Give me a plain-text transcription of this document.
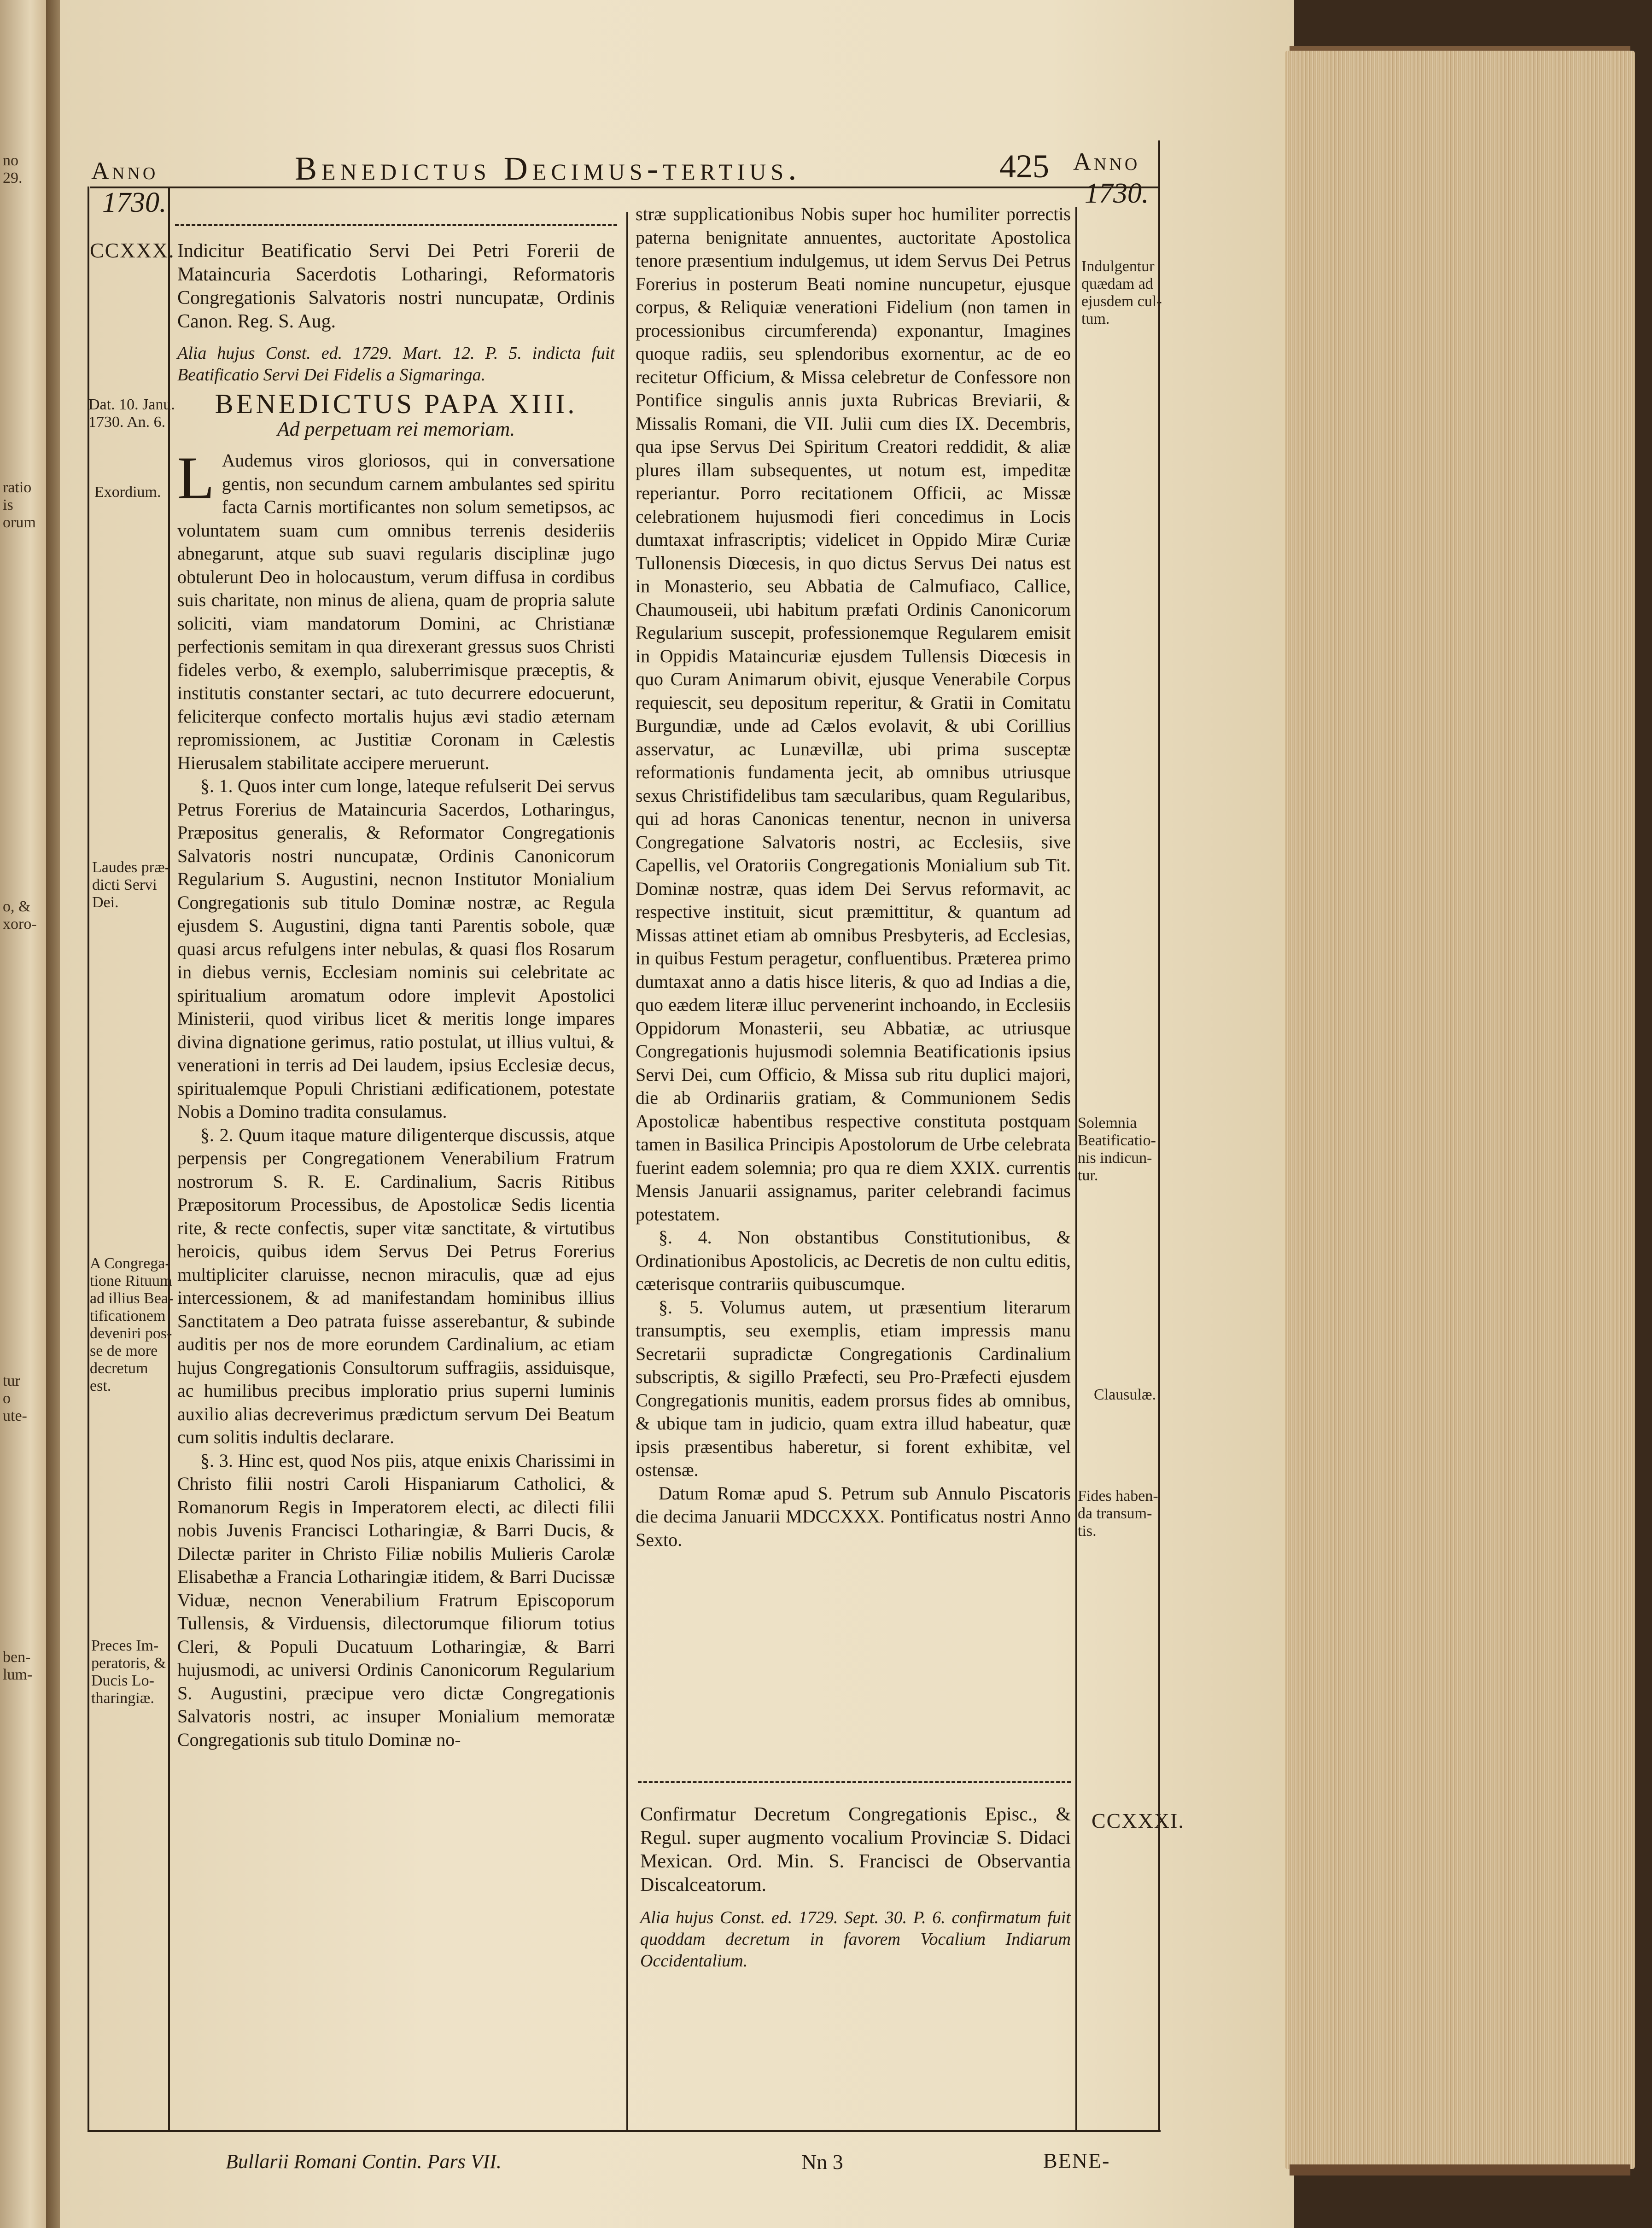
no
29.
ratio
is
orum
o, &
xoro-
tur
o
ute-
ben-
lum-
Anno
1730.
Benedictus Decimus-tertius.	425 Anno
1730.
CCXXX.
Dat. 10. Janu.
1730. An. 6.
Exordium.
Laudes præ-
dicti Servi
Dei.
A Congrega-
tione Rituum
ad illius Bea-
tificationem
deveniri pos-
se de more
decretum
est.
Preces Im-
peratoris, &
Ducis Lo-
tharingiæ.
Indulgentur
quædam ad
ejusdem cul-
tum.
Solemnia
Beatificatio-
nis indicun-
tur.
Clausulæ.
Fides haben-
da transum-
tis.
CCXXXI.

Indicitur Beatificatio Servi Dei Petri Forerii de Mataincuria Sacerdotis Lotharingi, Reformatoris Congregationis Salvatoris nostri nuncupatæ, Ordinis Canon. Reg. S. Aug.

Alia hujus Const. ed. 1729. Mart. 12. P. 5. indicta fuit Beatificatio Servi Dei Fidelis a Sigmaringa.

BENEDICTUS PAPA XIII.

Ad perpetuam rei memoriam.

L Audemus viros gloriosos, qui in conversatione gentis, non secundum carnem ambulantes sed spiritu facta Carnis mortificantes non solum semetipsos, ac voluntatem suam cum omnibus terrenis desideriis abnegarunt, atque sub suavi regularis disciplinæ jugo obtulerunt Deo in holocaustum, verum diffusa in cordibus suis charitate, non minus de aliena, quam de propria salute soliciti, viam mandatorum Domini, ac Christianæ perfectionis semitam in qua direxerant gressus suos Christi fideles verbo, & exemplo, saluberrimisque præceptis, & institutis constanter sectari, ac tuto decurrere edocuerunt, feliciterque confecto mortalis hujus ævi stadio æternam repromissionem, ac Justitiæ Coronam in Cælestis Hierusalem stabilitate accipere meruerunt.

§. 1. Quos inter cum longe, lateque refulserit Dei servus Petrus Forerius de Mataincuria Sacerdos, Lotharingus, Præpositus generalis, & Reformator Congregationis Salvatoris nostri nuncupatæ, Ordinis Canonicorum Regularium S. Augustini, necnon Institutor Monialium Congregationis sub titulo Dominæ nostræ, ac Regula ejusdem S. Augustini, digna tanti Parentis sobole, quæ quasi arcus refulgens inter nebulas, & quasi flos Rosarum in diebus vernis, Ecclesiam nominis sui celebritate ac spiritualium aromatum odore implevit Apostolici Ministerii, quod viribus licet & meritis longe impares divina dignatione gerimus, ratio postulat, ut illius vultui, & venerationi in terris ad Dei laudem, ipsius Ecclesiæ decus, spiritualemque Populi Christiani ædificationem, potestate Nobis a Domino tradita consulamus.

§. 2. Quum itaque mature diligenterque discussis, atque perpensis per Congregationem Venerabilium Fratrum nostrorum S. R. E. Cardinalium, Sacris Ritibus Præpositorum Processibus, de Apostolicæ Sedis licentia rite, & recte confectis, super vitæ sanctitate, & virtutibus heroicis, quibus idem Servus Dei Petrus Forerius multipliciter claruisse, necnon miraculis, quæ ad ejus intercessionem, & ad manifestandam hominibus illius Sanctitatem a Deo patrata fuisse asserebantur, & subinde auditis per nos de more eorundem Cardinalium, ac etiam hujus Congregationis Consultorum suffragiis, assiduisque, ac humilibus precibus imploratio prius superni luminis auxilio alias decreverimus prædictum servum Dei Beatum cum solitis indultis declarare.

§. 3. Hinc est, quod Nos piis, atque enixis Charissimi in Christo filii nostri Caroli Hispaniarum Catholici, & Romanorum Regis in Imperatorem electi, ac dilecti filii nobis Juvenis Francisci Lotharingiæ, & Barri Ducis, & Dilectæ pariter in Christo Filiæ nobilis Mulieris Carolæ Elisabethæ a Francia Lotharingiæ itidem, & Barri Ducissæ Viduæ, necnon Venerabilium Fratrum Episcoporum Tullensis, & Virduensis, dilectorumque filiorum totius Cleri, & Populi Ducatuum Lotharingiæ, & Barri hujusmodi, ac universi Ordinis Canonicorum Regularium S. Augustini, præcipue vero dictæ Congregationis Salvatoris nostri, ac insuper Monialium memoratæ Congregationis sub titulo Dominæ no-

stræ supplicationibus Nobis super hoc humiliter porrectis paterna benignitate annuentes, auctoritate Apostolica tenore præsentium indulgemus, ut idem Servus Dei Petrus Forerius in posterum Beati nomine nuncupetur, ejusque corpus, & Reliquiæ venerationi Fidelium (non tamen in processionibus circumferenda) exponantur, Imagines quoque radiis, seu splendoribus exornentur, ac de eo recitetur Officium, & Missa celebretur de Confessore non Pontifice singulis annis juxta Rubricas Breviarii, & Missalis Romani, die VII. Julii cum dies IX. Decembris, qua ipse Servus Dei Spiritum Creatori reddidit, & aliæ plures illam subsequentes, ut notum est, impeditæ reperiantur. Porro recitationem Officii, ac Missæ celebrationem hujusmodi fieri concedimus in Locis dumtaxat infrascriptis; videlicet in Oppido Miræ Curiæ Tullonensis Diœcesis, in quo dictus Servus Dei natus est in Monasterio, seu Abbatia de Calmufiaco, Callice, Chaumouseii, ubi habitum præfati Ordinis Canonicorum Regularium suscepit, professionemque Regularem emisit in Oppidis Mataincuriæ ejusdem Tullensis Diœcesis in quo Curam Animarum obivit, ejusque Venerabile Corpus requiescit, seu depositum reperitur, & Gratii in Comitatu Burgundiæ, unde ad Cælos evolavit, & ubi Corillius asservatur, ac Lunævillæ, ubi prima susceptæ reformationis fundamenta jecit, ab omnibus utriusque sexus Christifidelibus tam sæcularibus, quam Regularibus, qui ad horas Canonicas tenentur, necnon in universa Congregatione Salvatoris nostri, ac Ecclesiis, sive Capellis, vel Oratoriis Congregationis Monialium sub Tit. Dominæ nostræ, quas idem Dei Servus reformavit, ac respective instituit, sicut præmittitur, & quantum ad Missas attinet etiam ab omnibus Presbyteris, ad Ecclesias, in quibus Festum peragetur, confluentibus. Præterea primo dumtaxat anno a datis hisce literis, & quo ad Indias a die, quo eædem literæ illuc pervenerint inchoando, in Ecclesiis Oppidorum Monasterii, seu Abbatiæ, ac utriusque Congregationis hujusmodi solemnia Beatificationis ipsius Servi Dei, cum Officio, & Missa sub ritu duplici majori, die ab Ordinariis gratiam, & Communionem Sedis Apostolicæ habentibus respective constituta postquam tamen in Basilica Principis Apostolorum de Urbe celebrata fuerint eadem solemnia; pro qua re diem XXIX. currentis Mensis Januarii assignamus, pariter celebrandi facimus potestatem.

§. 4. Non obstantibus Constitutionibus, & Ordinationibus Apostolicis, ac Decretis de non cultu editis, cæterisque contrariis quibuscumque.

§. 5. Volumus autem, ut præsentium literarum transumptis, seu exemplis, etiam impressis manu Secretarii supradictæ Congregationis Cardinalium subscriptis, & sigillo Præfecti, seu Pro-Præfecti ejusdem Congregationis munitis, eadem prorsus fides ab omnibus, & ubique tam in judicio, quam extra illud habeatur, quæ ipsis præsentibus haberetur, si forent exhibitæ, vel ostensæ.

Datum Romæ apud S. Petrum sub Annulo Piscatoris die decima Januarii MDCCXXX. Pontificatus nostri Anno Sexto.

Confirmatur Decretum Congregationis Episc., & Regul. super augmento vocalium Provinciæ S. Didaci Mexican. Ord. Min. S. Francisci de Observantia Discalceatorum.

Alia hujus Const. ed. 1729. Sept. 30. P. 6. confirmatum fuit quoddam decretum in favorem Vocalium Indiarum Occidentalium.

Bullarii Romani Contin. Pars VII.	Nn 3	BENE-
